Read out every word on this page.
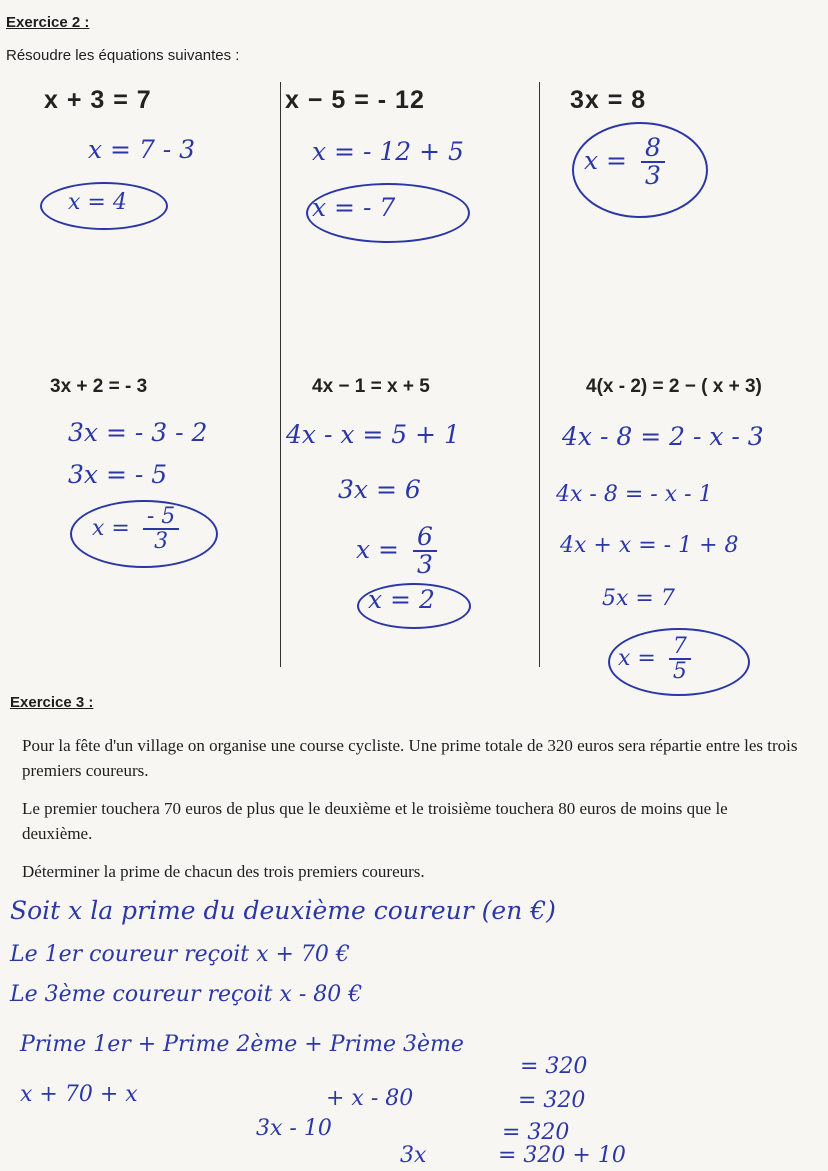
Exercice 2 :

Résoudre les équations suivantes :

x + 3 = 7
x = 7 - 3
x = 4
x − 5 = - 12
x = - 12 + 5
x = - 7
3x = 8
$x = \frac{8}{3}$
3x + 2 = - 3
3x = - 3 - 2
3x = - 5
$x = \frac{- 5}{3}$
4x − 1 = x + 5
4x - x = 5 + 1
3x = 6
$x = \frac{6}{3}$
x = 2
4(x - 2) = 2 − ( x + 3)
4x - 8 = 2 - x - 3
4x - 8 = - x - 1
4x + x = - 1 + 8
5x = 7
$x = \frac{7}{5}$
Exercice 3 :

Pour la fête d'un village on organise une course cycliste. Une prime totale de 320 euros sera répartie entre les trois premiers coureurs.

Le premier touchera 70 euros de plus que le deuxième et le troisième touchera 80 euros de moins que le deuxième.

Déterminer la prime de chacun des trois premiers coureurs.

Soit x la prime du deuxième coureur (en €)
Le 1er coureur reçoit x + 70 €
Le 3ème coureur reçoit x - 80 €
Prime 1er + Prime 2ème + Prime 3ème
= 320
x + 70 + x	+ x - 80	= 320
3x - 10	= 320
3x	= 320 + 10
